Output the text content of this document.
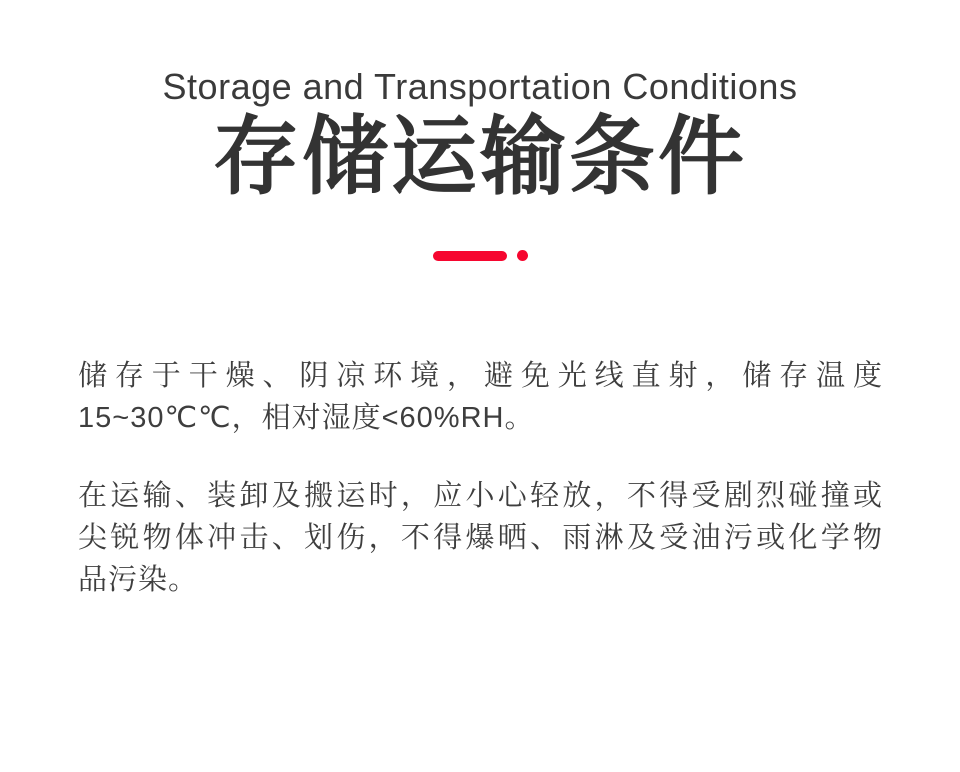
Storage and Transportation Conditions
存储运输条件
储存于干燥、阴凉环境，避免光线直射，储存温度
15~30℃℃，相对湿度<60%RH。
在运输、装卸及搬运时，应小心轻放，不得受剧烈碰撞或
尖锐物体冲击、划伤，不得爆晒、雨淋及受油污或化学物
品污染。
